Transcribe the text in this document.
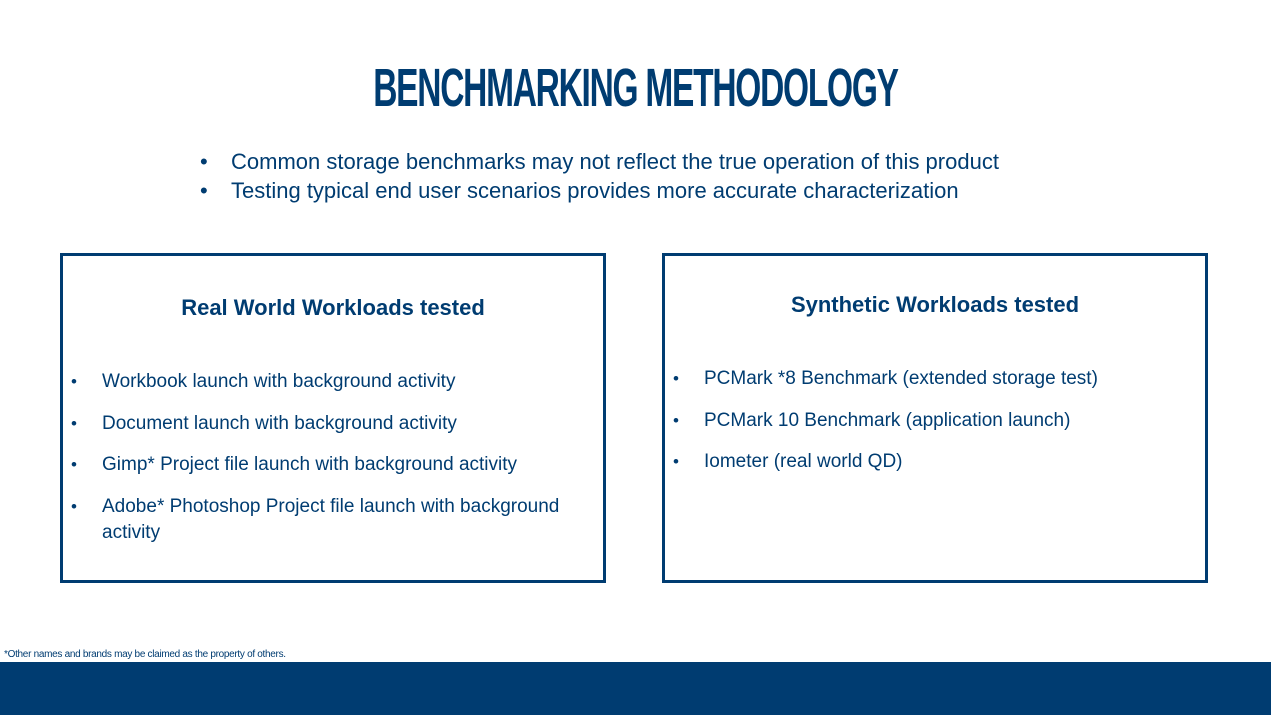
BENCHMARKING METHODOLOGY
• Common storage benchmarks may not reflect the true operation of this product
• Testing typical end user scenarios provides more accurate characterization
Real World Workloads tested
• Workbook launch with background activity
• Document launch with background activity
• Gimp* Project file launch with background activity
• Adobe* Photoshop Project file launch with background activity
Synthetic Workloads tested
• PCMark *8 Benchmark (extended storage test)
• PCMark 10 Benchmark (application launch)
• Iometer (real world QD)
*Other names and brands may be claimed as the property of others.
